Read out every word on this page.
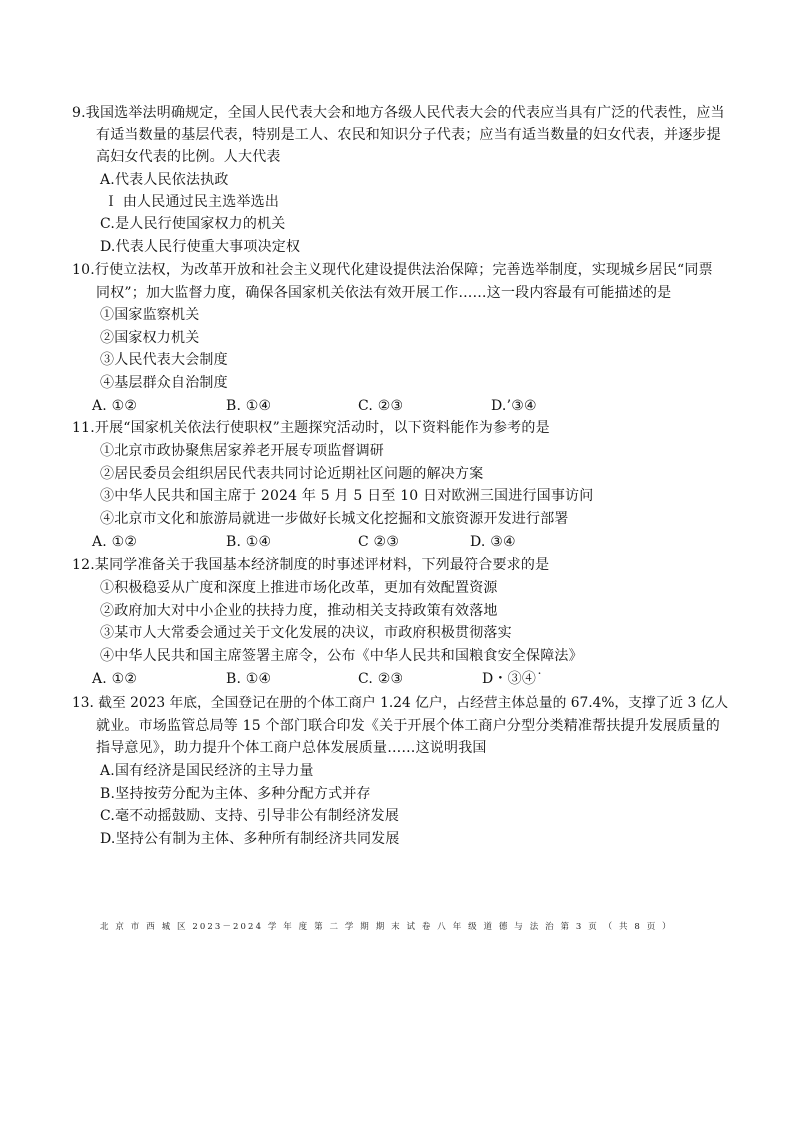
9.我国选举法明确规定，全国人民代表大会和地方各级人民代表大会的代表应当具有广泛的代表性，应当
有适当数量的基层代表，特别是工人、农民和知识分子代表；应当有适当数量的妇女代表，并逐步提
高妇女代表的比例。人大代表
A.代表人民依法执政
Ｉ 由人民通过民主选举选出
C.是人民行使国家权力的机关
D.代表人民行使重大事项决定权
10.行使立法权，为改革开放和社会主义现代化建设提供法治保障；完善选举制度，实现城乡居民“同票
同权”；加大监督力度，确保各国家机关依法有效开展工作……这一段内容最有可能描述的是
①国家监察机关
②国家权力机关
③人民代表大会制度
④基层群众自治制度
A. ①②	B. ①④	C. ②③	D.’③④
11.开展“国家机关依法行使职权”主题探究活动时，以下资料能作为参考的是
①北京市政协聚焦居家养老开展专项监督调研
②居民委员会组织居民代表共同讨论近期社区问题的解决方案
③中华人民共和国主席于 2024 年 5 月 5 日至 10 日对欧洲三国进行国事访问
④北京市文化和旅游局就进一步做好长城文化挖掘和文旅资源开发进行部署
A. ①②	B. ①④	C ②③	D. ③④
12.某同学准备关于我国基本经济制度的时事述评材料，下列最符合要求的是
①积极稳妥从广度和深度上推进市场化改革，更加有效配置资源
②政府加大对中小企业的扶持力度，推动相关支持政策有效落地
③某市人大常委会通过关于文化发展的决议，市政府积极贯彻落实
④中华人民共和国主席签署主席令，公布《中华人民共和国粮食安全保障法》
A. ①②	B. ①④	C. ②③	D・③④˙
13. 截至 2023 年底，全国登记在册的个体工商户 1.24 亿户，占经营主体总量的 67.4%，支撑了近 3 亿人
就业。市场监管总局等 15 个部门联合印发《关于开展个体工商户分型分类精准帮扶提升发展质量的
指导意见》，助力提升个体工商户总体发展质量……这说明我国
A.国有经济是国民经济的主导力量
B.坚持按劳分配为主体、多种分配方式并存
C.毫不动摇鼓励、支持、引导非公有制经济发展
D.坚持公有制为主体、多种所有制经济共同发展
北 京 市 西 城 区 2023－2024 学 年 度 第 二 学 期 期 末 试 卷 八 年 级 道 德 与 法 治 第 3 页 （ 共 8 页 ）
